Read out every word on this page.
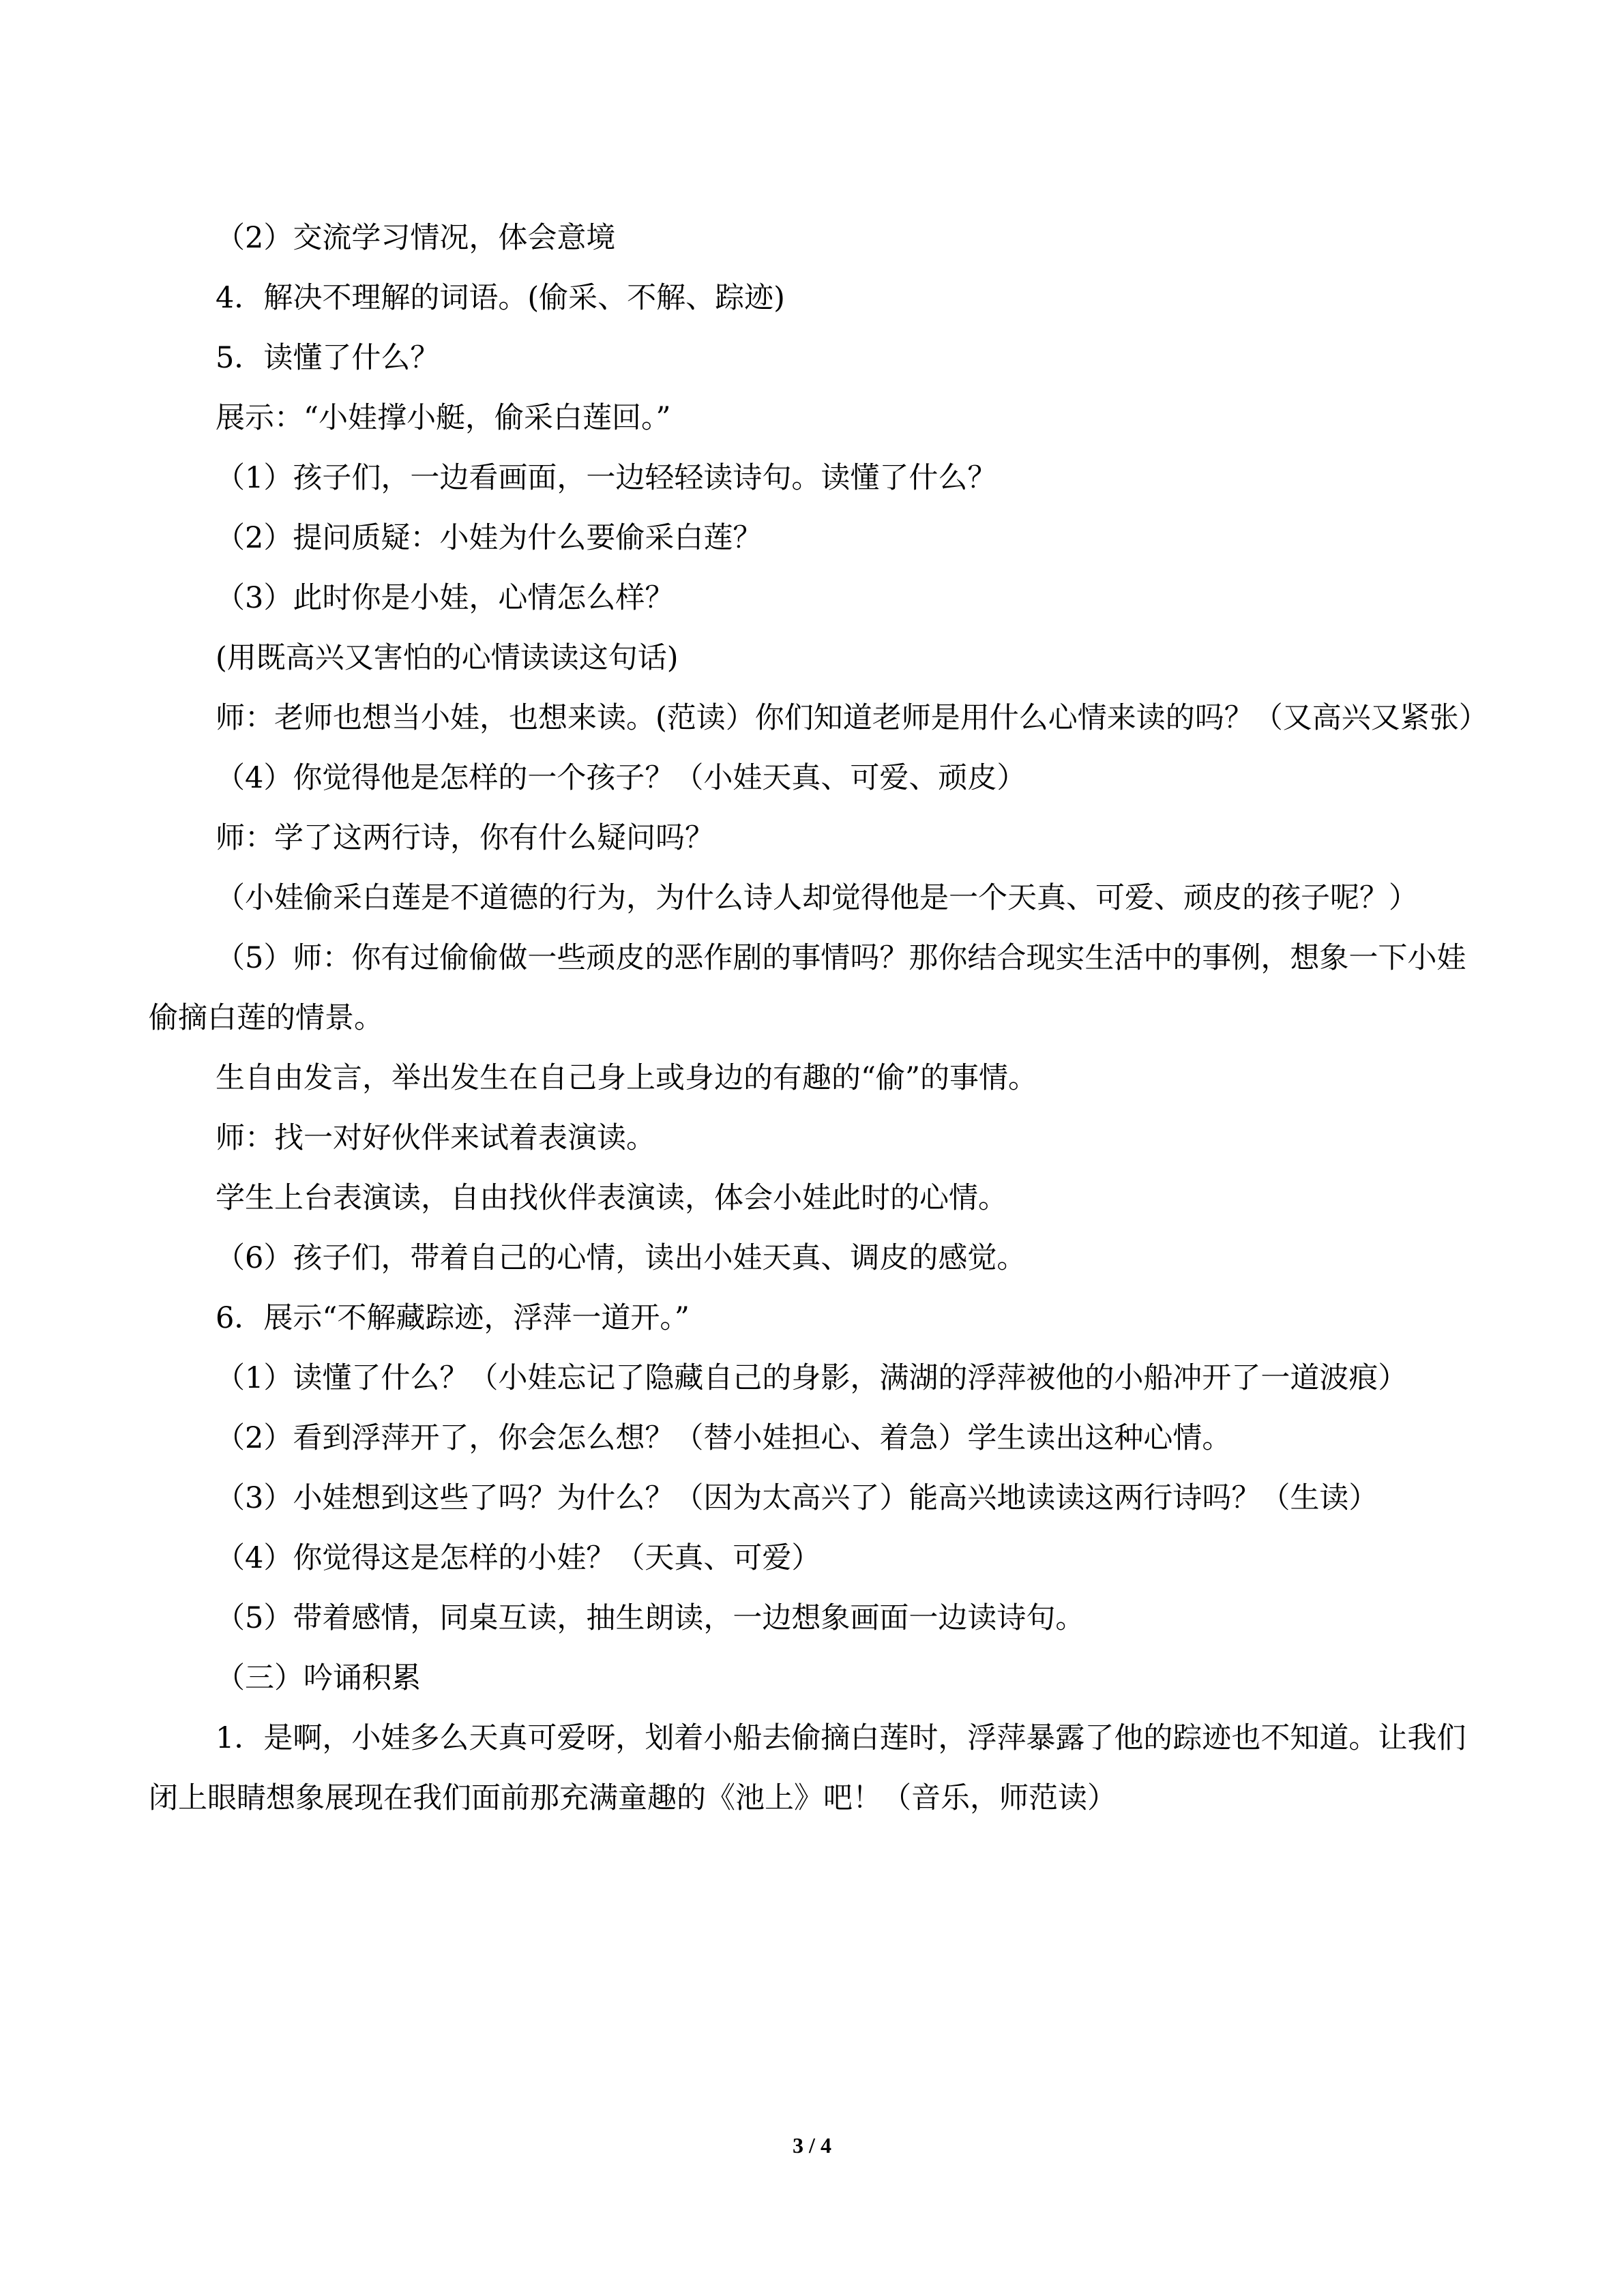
（2）交流学习情况，体会意境

4．解决不理解的词语。(偷采、不解、踪迹)

5．读懂了什么？

展示：“小娃撑小艇，偷采白莲回。”

（1）孩子们，一边看画面，一边轻轻读诗句。读懂了什么？

（2）提问质疑：小娃为什么要偷采白莲？

（3）此时你是小娃，心情怎么样？

(用既高兴又害怕的心情读读这句话)

师：老师也想当小娃，也想来读。(范读）你们知道老师是用什么心情来读的吗？（又高兴又紧张）

（4）你觉得他是怎样的一个孩子？（小娃天真、可爱、顽皮）

师：学了这两行诗，你有什么疑问吗？

（小娃偷采白莲是不道德的行为，为什么诗人却觉得他是一个天真、可爱、顽皮的孩子呢？）

（5）师：你有过偷偷做一些顽皮的恶作剧的事情吗？那你结合现实生活中的事例，想象一下小娃偷摘白莲的情景。

生自由发言，举出发生在自己身上或身边的有趣的“偷”的事情。

师：找一对好伙伴来试着表演读。

学生上台表演读，自由找伙伴表演读，体会小娃此时的心情。

（6）孩子们，带着自己的心情，读出小娃天真、调皮的感觉。

6．展示“不解藏踪迹，浮萍一道开。”

（1）读懂了什么？（小娃忘记了隐藏自己的身影，满湖的浮萍被他的小船冲开了一道波痕）

（2）看到浮萍开了，你会怎么想？（替小娃担心、着急）学生读出这种心情。

（3）小娃想到这些了吗？为什么？（因为太高兴了）能高兴地读读这两行诗吗？（生读）

（4）你觉得这是怎样的小娃？（天真、可爱）

（5）带着感情，同桌互读，抽生朗读，一边想象画面一边读诗句。

（三）吟诵积累

1．是啊，小娃多么天真可爱呀，划着小船去偷摘白莲时，浮萍暴露了他的踪迹也不知道。让我们闭上眼睛想象展现在我们面前那充满童趣的《池上》吧！（音乐，师范读）

3 / 4
